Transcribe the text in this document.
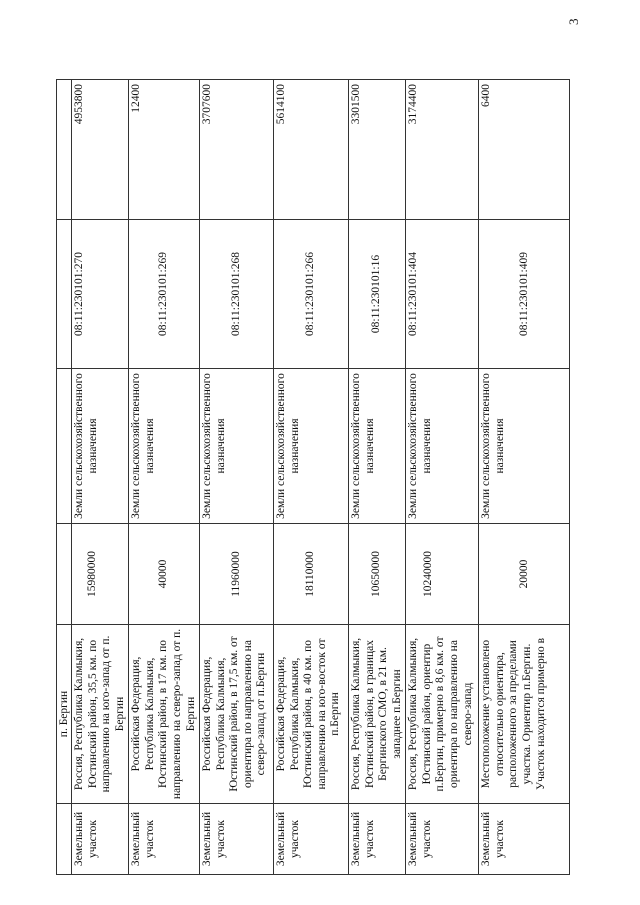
	п. Бергин				
Земельный участок	Россия, Республика Калмыкия, Юстинский район, 35,5 км. по направлению на юго-запад от п. Бергин	15980000	Земли сельскохозяйственного назначения	08:11:230101:270	4953800

Земельный участок	Российская Федерация, Республика Калмыкия, Юстинский район, в 17 км. по направлению на северо-запад от п. Бергин	40000	Земли сельскохозяйственного назначения	08:11:230101:269	12400

Земельный участок	Российская Федерация, Республика Калмыкия, Юстинский район, в 17,5 км. от ориентира по направлению на северо-запад от п.Бергин	11960000	Земли сельскохозяйственного назначения	08:11:230101:268	3707600

Земельный участок	Российская Федерация, Республика Калмыкия, Юстинский район, в 40 км. по направлению на юго-восток от п.Бергин	18110000	Земли сельскохозяйственного назначения	08:11:230101:266	5614100

Земельный участок	Россия, Республика Калмыкия, Юстинский район, в границах Бергинского СМО, в 21 км. западнее п.Бергин	10650000	Земли сельскохозяйственного назначения	08:11:230101:16	3301500

Земельный участок	Россия, Республика Калмыкия, Юстинский район, ориентир п.Бергин, примерно в 8,6 км. от ориентира по направлению на северо-запад	10240000	Земли сельскохозяйственного назначения	08:11:230101:404	3174400

Земельный участок	Местоположение установлено относительно ориентира, расположенного за пределами участка. Ориентир п.Бергин. Участок находится примерно в	20000	Земли сельскохозяйственного назначения	08:11:230101:409	6400
3
